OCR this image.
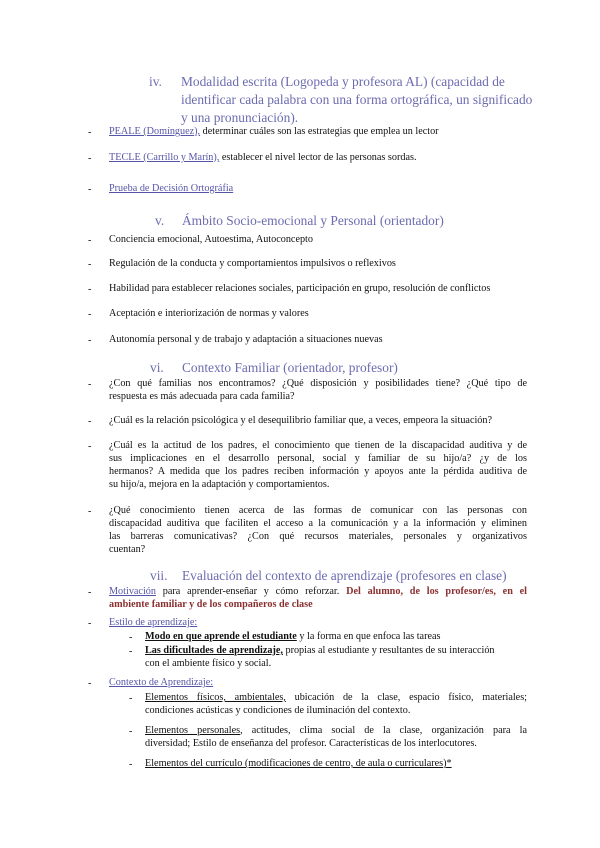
iv. Modalidad escrita (Logopeda y profesora AL) (capacidad de
identificar cada palabra con una forma ortográfica, un significado
y una pronunciación).
- PEALE (Domínguez), determinar cuáles son las estrategias que emplea un lector
- TECLE (Carrillo y Marín), establecer el nivel lector de las personas sordas.
- Prueba de Decisión Ortográfia
v. Ámbito Socio-emocional y Personal (orientador)
- Conciencia emocional, Autoestima, Autoconcepto
- Regulación de la conducta y comportamientos impulsivos o reflexivos
- Habilidad para establecer relaciones sociales, participación en grupo, resolución de conflictos
- Aceptación e interiorización de normas y valores
- Autonomía personal y de trabajo y adaptación a situaciones nuevas
vi. Contexto Familiar (orientador, profesor)
- ¿Con qué familias nos encontramos? ¿Qué disposición y posibilidades tiene? ¿Qué tipo de
respuesta es más adecuada para cada familia?
- ¿Cuál es la relación psicológica y el desequilibrio familiar que, a veces, empeora la situación?
- ¿Cuál es la actitud de los padres, el conocimiento que tienen de la discapacidad auditiva y de
sus implicaciones en el desarrollo personal, social y familiar de su hijo/a? ¿y de los
hermanos? A medida que los padres reciben información y apoyos ante la pérdida auditiva de
su hijo/a, mejora en la adaptación y comportamientos.
- ¿Qué conocimiento tienen acerca de las formas de comunicar con las personas con
discapacidad auditiva que faciliten el acceso a la comunicación y a la información y eliminen
las barreras comunicativas? ¿Con qué recursos materiales, personales y organizativos
cuentan?
vii. Evaluación del contexto de aprendizaje (profesores en clase)
- Motivación para aprender-enseñar y cómo reforzar. Del alumno, de los profesor/es, en el
ambiente familiar y de los compañeros de clase
- Estilo de aprendizaje:
- Modo en que aprende el estudiante y la forma en que enfoca las tareas
- Las dificultades de aprendizaje, propias al estudiante y resultantes de su interacción
con el ambiente físico y social.
- Contexto de Aprendizaje:
- Elementos físicos, ambientales, ubicación de la clase, espacio físico, materiales;
condiciones acústicas y condiciones de iluminación del contexto.
- Elementos personales, actitudes, clima social de la clase, organización para la
diversidad; Estilo de enseñanza del profesor. Características de los interlocutores.
- Elementos del currículo (modificaciones de centro, de aula o curriculares)*
